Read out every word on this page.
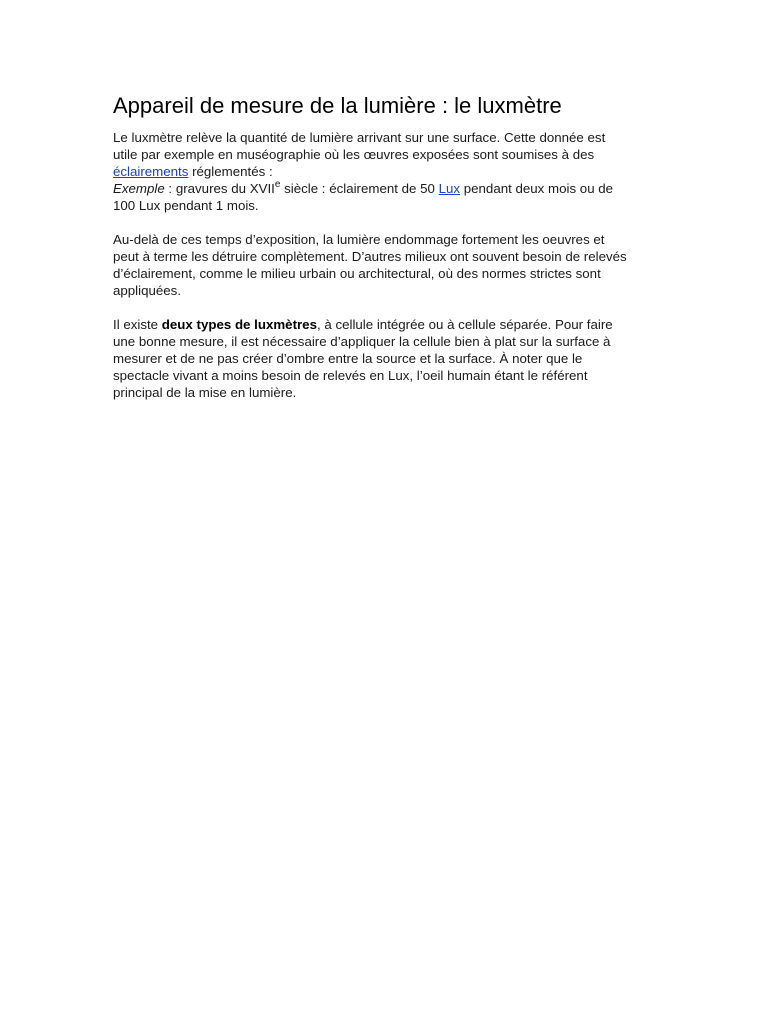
Appareil de mesure de la lumière : le luxmètre

Le luxmètre relève la quantité de lumière arrivant sur une surface. Cette donnée est utile par exemple en muséographie où les œuvres exposées sont soumises à des éclairements réglementés :
Exemple : gravures du XVIIe siècle : éclairement de 50 Lux pendant deux mois ou de 100 Lux pendant 1 mois.

Au-delà de ces temps d’exposition, la lumière endommage fortement les oeuvres et peut à terme les détruire complètement. D’autres milieux ont souvent besoin de relevés d’éclairement, comme le milieu urbain ou architectural, où des normes strictes sont appliquées.

Il existe deux types de luxmètres, à cellule intégrée ou à cellule séparée. Pour faire une bonne mesure, il est nécessaire d’appliquer la cellule bien à plat sur la surface à mesurer et de ne pas créer d’ombre entre la source et la surface. À noter que le spectacle vivant a moins besoin de relevés en Lux, l’oeil humain étant le référent principal de la mise en lumière.
